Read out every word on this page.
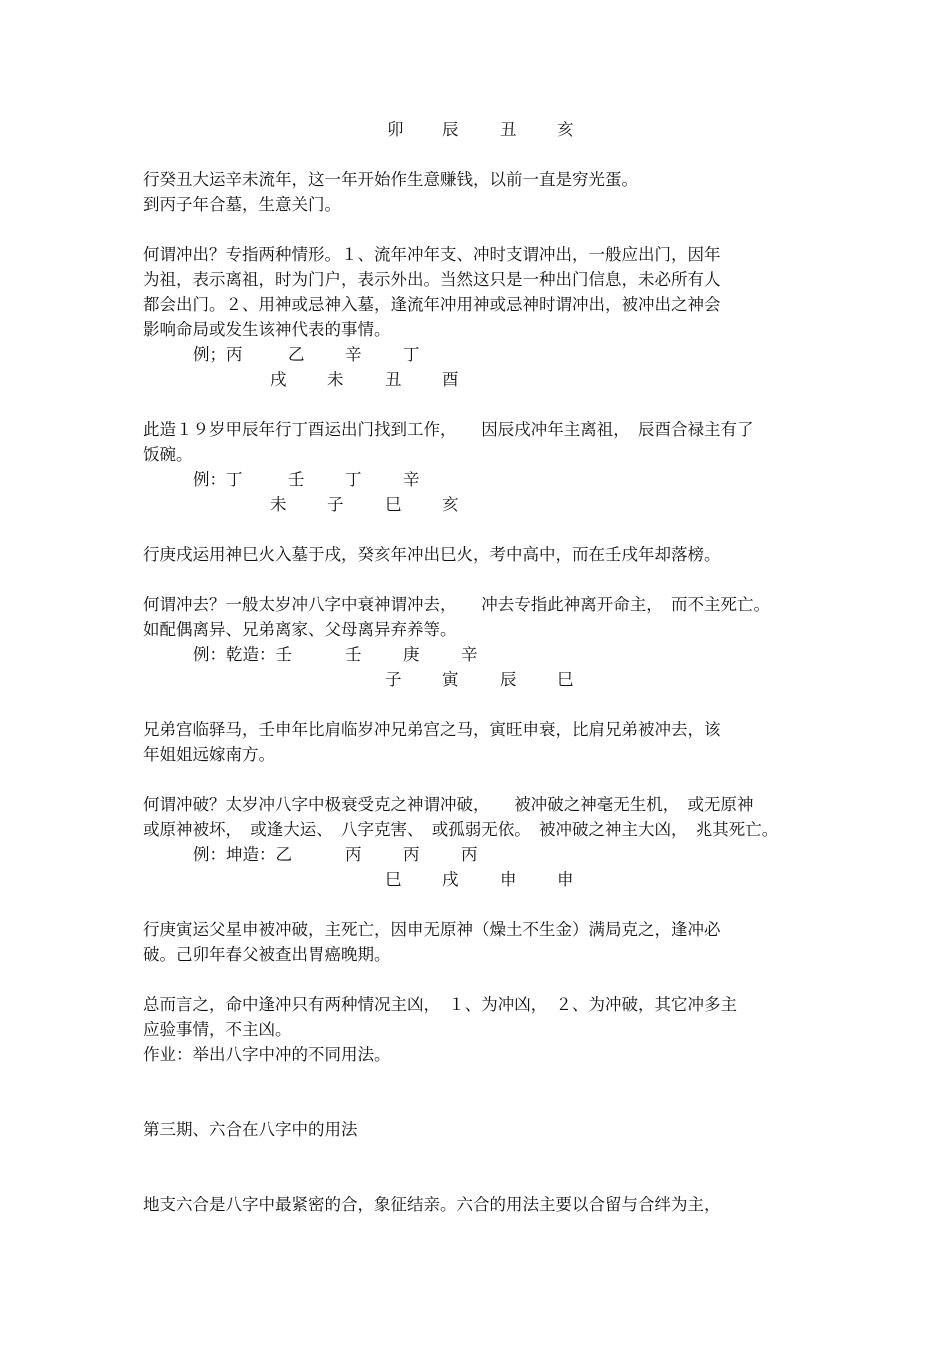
卯 辰	丑 亥
行癸丑大运辛未流年，这一年开始作生意赚钱，以前一直是穷光蛋。
到丙子年合墓，生意关门。
何谓冲出？专指两种情形。１、流年冲年支、冲时支谓冲出，一般应出门，因年
为祖，表示离祖，时为门户，表示外出。当然这只是一种出门信息，未必所有人
都会出门。２、用神或忌神入墓，逢流年冲用神或忌神时谓冲出，被冲出之神会
影响命局或发生该神代表的事情。
例；丙	乙 辛	丁
戌 未	丑 酉
此造１９岁甲辰年行丁酉运出门找到工作，　　因辰戌冲年主离祖，　辰酉合禄主有了
饭碗。
例：丁	壬 丁	辛
未 子	巳 亥
行庚戌运用神巳火入墓于戌，癸亥年冲出巳火，考中高中，而在壬戌年却落榜。
何谓冲去？一般太岁冲八字中衰神谓冲去，　　冲去专指此神离开命主，　而不主死亡。
如配偶离异、兄弟离家、父母离异弃养等。
例：乾造：壬	壬	庚	辛
子 寅	辰 巳
兄弟宫临驿马，壬申年比肩临岁冲兄弟宫之马，寅旺申衰，比肩兄弟被冲去，该
年姐姐远嫁南方。
何谓冲破？太岁冲八字中极衰受克之神谓冲破，　　被冲破之神毫无生机，　或无原神
或原神被坏，　或逢大运、　八字克害、　或孤弱无依。　被冲破之神主大凶，　兆其死亡。
例：坤造：乙	丙	丙	丙
巳 戌	申 申
行庚寅运父星申被冲破，主死亡，因申无原神（燥土不生金）满局克之，逢冲必
破。己卯年春父被查出胃癌晚期。
总而言之，命中逢冲只有两种情况主凶，　１、为冲凶，　２、为冲破，其它冲多主
应验事情，不主凶。
作业：举出八字中冲的不同用法。
第三期、六合在八字中的用法
地支六合是八字中最紧密的合，象征结亲。六合的用法主要以合留与合绊为主，
